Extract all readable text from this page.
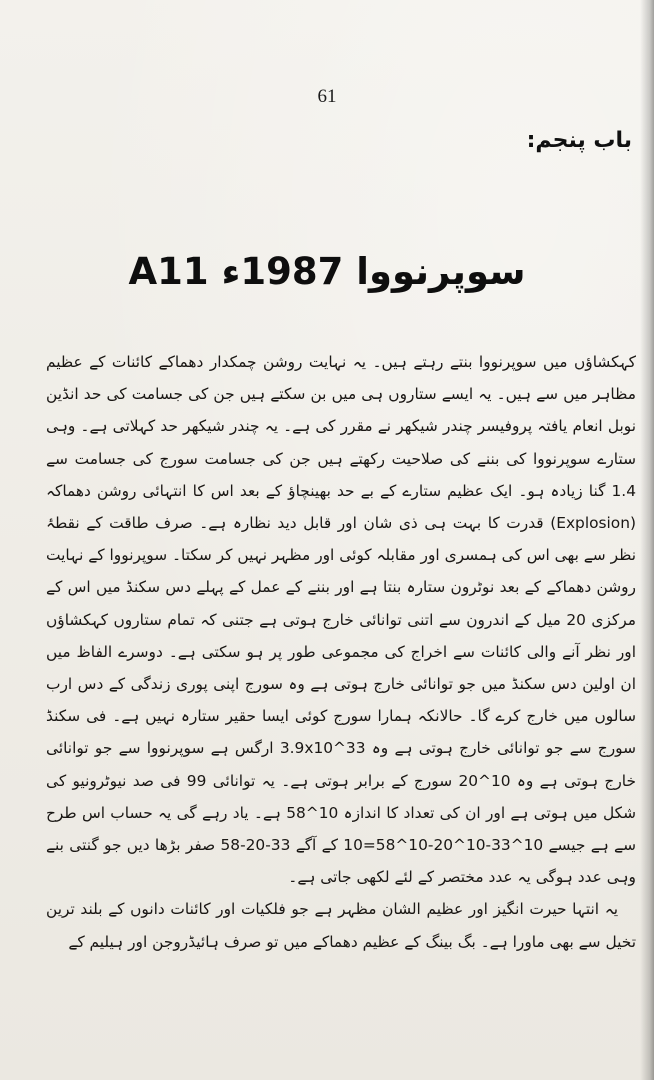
61
باب پنجم:
سوپرنووا 1987ء A11

کہکشاؤں میں سوپرنووا بنتے رہتے ہیں۔ یہ نہایت روشن چمکدار دھماکے کائنات کے عظیم مظاہر میں سے ہیں۔ یہ ایسے ستاروں ہی میں بن سکتے ہیں جن کی جسامت کی حد انڈین نوبل انعام یافتہ پروفیسر چندر شیکھر نے مقرر کی ہے۔ یہ چندر شیکھر حد کہلاتی ہے۔ وہی ستارے سوپرنووا کی بننے کی صلاحیت رکھتے ہیں جن کی جسامت سورج کی جسامت سے 1.4 گنا زیادہ ہو۔ ایک عظیم ستارے کے بے حد بھینچاؤ کے بعد اس کا انتہائی روشن دھماکہ (Explosion) قدرت کا بہت ہی ذی شان اور قابل دید نظارہ ہے۔ صرف طاقت کے نقطۂ نظر سے بھی اس کی ہمسری اور مقابلہ کوئی اور مظہر نہیں کر سکتا۔ سوپرنووا کے نہایت روشن دھماکے کے بعد نوٹرون ستارہ بنتا ہے اور بننے کے عمل کے پہلے دس سکنڈ میں اس کے مرکزی 20 میل کے اندرون سے اتنی توانائی خارج ہوتی ہے جتنی کہ تمام ستاروں کہکشاؤں اور نظر آنے والی کائنات سے اخراج کی مجموعی طور پر ہو سکتی ہے۔ دوسرے الفاظ میں ان اولین دس سکنڈ میں جو توانائی خارج ہوتی ہے وہ سورج اپنی پوری زندگی کے دس ارب سالوں میں خارج کرے گا۔ حالانکہ ہمارا سورج کوئی ایسا حقیر ستارہ نہیں ہے۔ فی سکنڈ سورج سے جو توانائی خارج ہوتی ہے وہ 3.9x10^33 ارگس ہے سوپرنووا سے جو توانائی خارج ہوتی ہے وہ 10^20 سورج کے برابر ہوتی ہے۔ یہ توانائی 99 فی صد نیوٹرونیو کی شکل میں ہوتی ہے اور ان کی تعداد کا اندازہ 10^58 ہے۔ یاد رہے گی یہ حساب اس طرح سے ہے جیسے 10^33-10^20-10^58=10 کے آگے 33-20-58 صفر بڑھا دیں جو گنتی بنے وہی عدد ہوگی یہ عدد مختصر کے لئے لکھی جاتی ہے۔

یہ انتہا حیرت انگیز اور عظیم الشان مظہر ہے جو فلکیات اور کائنات دانوں کے بلند ترین تخیل سے بھی ماورا ہے۔ بگ بینگ کے عظیم دھماکے میں تو صرف ہائیڈروجن اور ہیلیم کے
